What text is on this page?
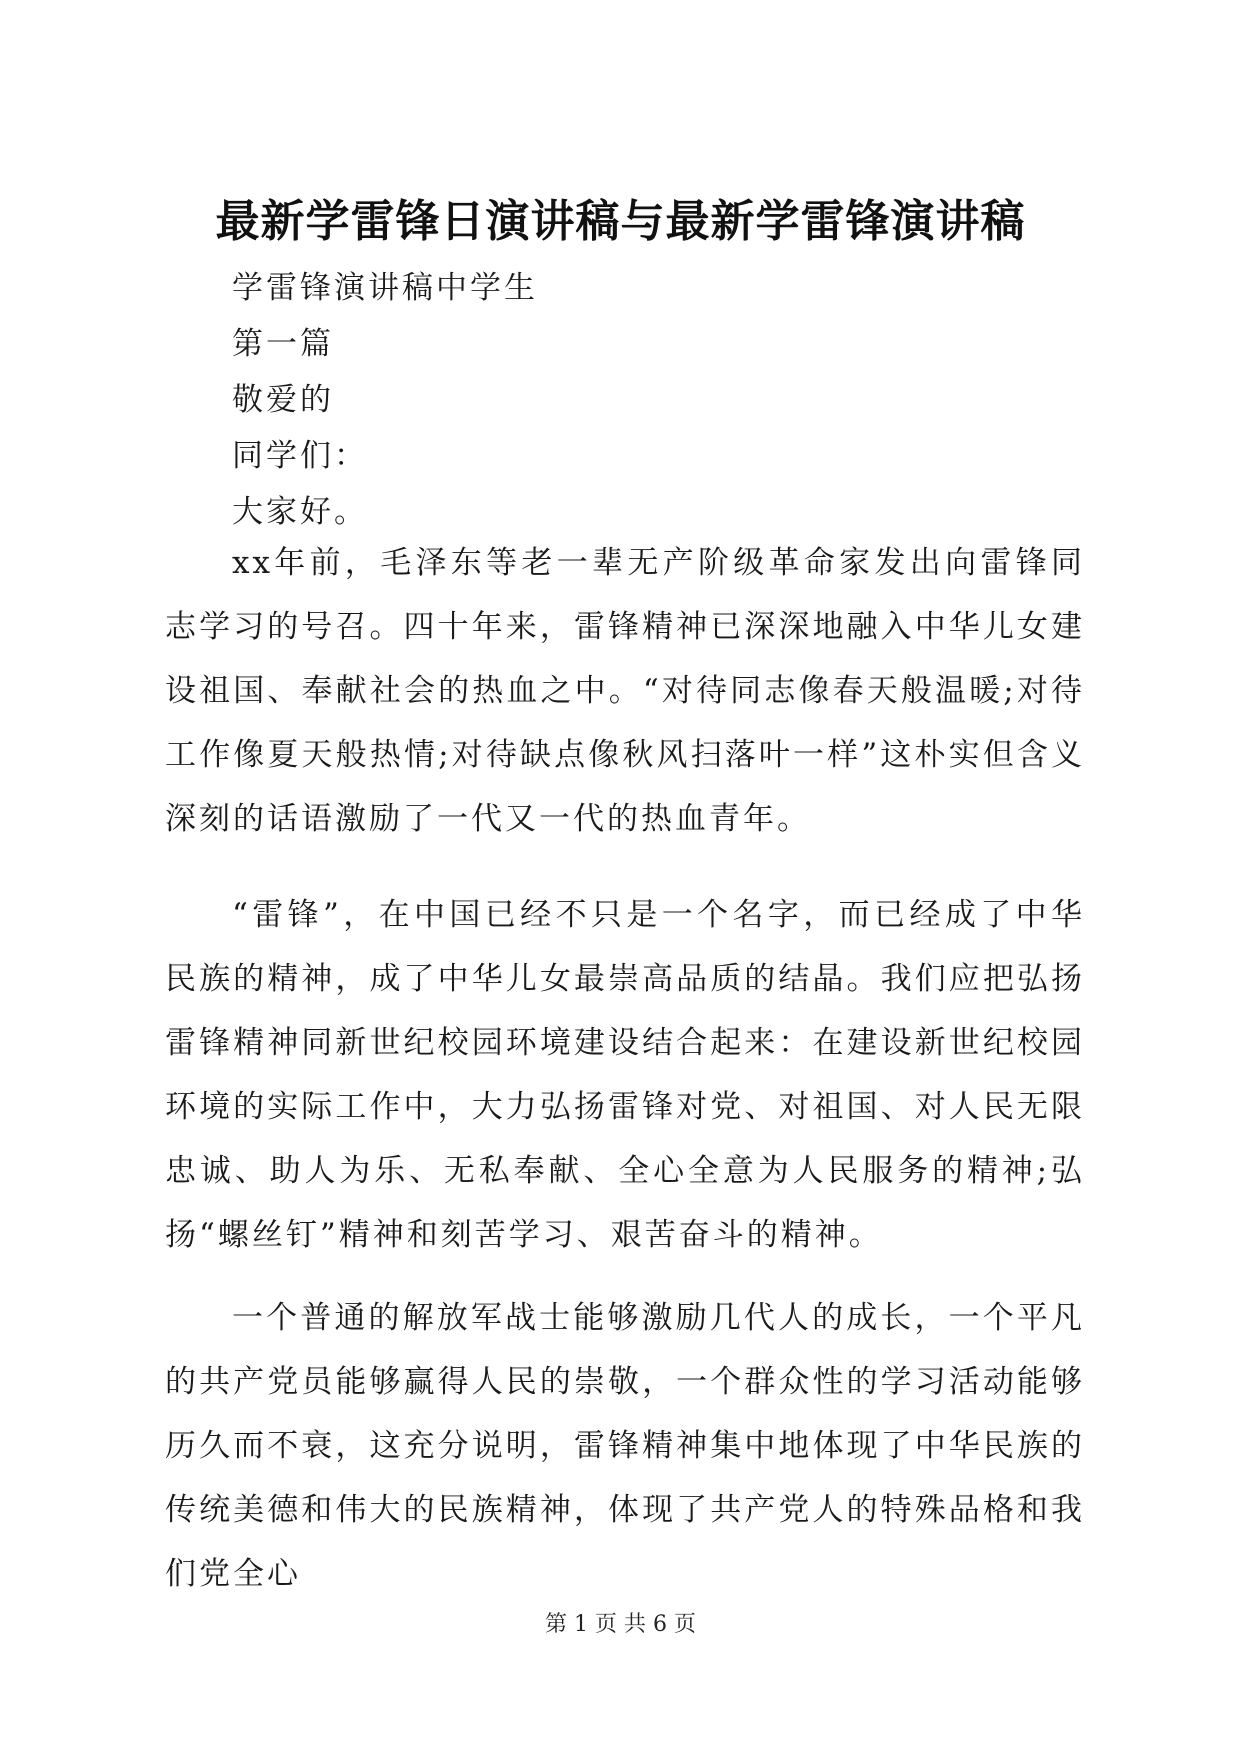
最新学雷锋日演讲稿与最新学雷锋演讲稿
学雷锋演讲稿中学生
第一篇
敬爱的
同学们：
大家好。
xx年前，毛泽东等老一辈无产阶级革命家发出向雷锋同志学习的号召。四十年来，雷锋精神已深深地融入中华儿女建设祖国、奉献社会的热血之中。“对待同志像春天般温暖;对待工作像夏天般热情;对待缺点像秋风扫落叶一样”这朴实但含义深刻的话语激励了一代又一代的热血青年。
“雷锋”，在中国已经不只是一个名字，而已经成了中华民族的精神，成了中华儿女最崇高品质的结晶。我们应把弘扬雷锋精神同新世纪校园环境建设结合起来：在建设新世纪校园环境的实际工作中，大力弘扬雷锋对党、对祖国、对人民无限忠诚、助人为乐、无私奉献、全心全意为人民服务的精神;弘扬“螺丝钉”精神和刻苦学习、艰苦奋斗的精神。
一个普通的解放军战士能够激励几代人的成长，一个平凡的共产党员能够赢得人民的崇敬，一个群众性的学习活动能够历久而不衰，这充分说明，雷锋精神集中地体现了中华民族的传统美德和伟大的民族精神，体现了共产党人的特殊品格和我们党全心
第 1 页 共 6 页
